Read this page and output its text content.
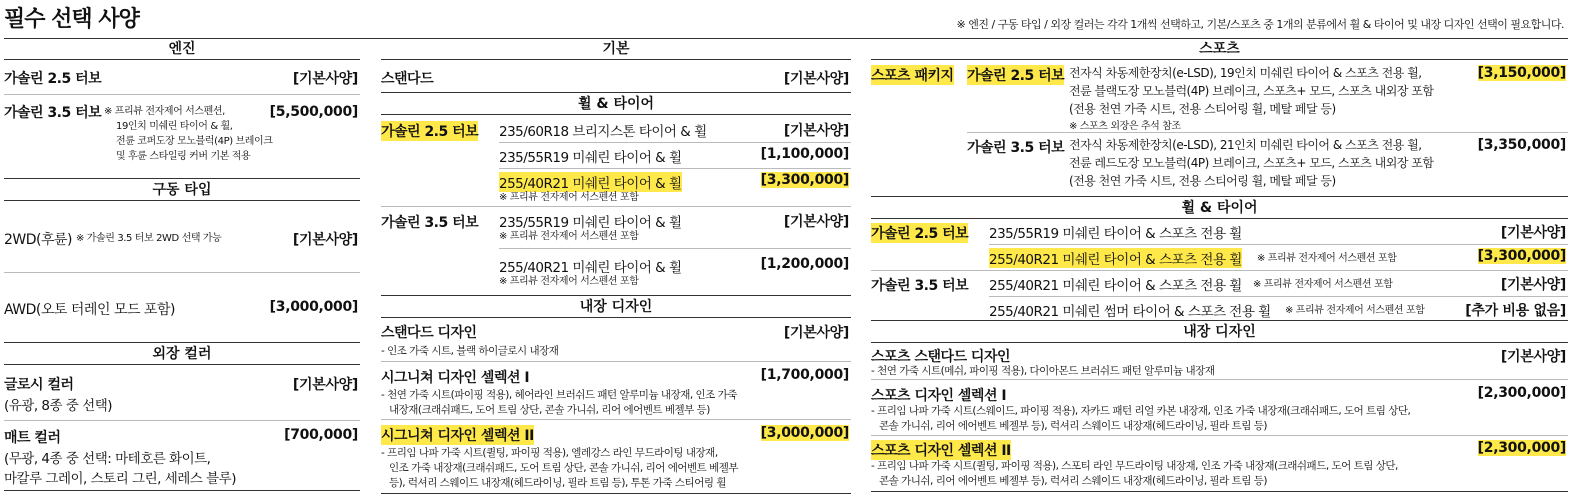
필수 선택 사양	※ 엔진 / 구동 타입 / 외장 컬러는 각각 1개씩 선택하고, 기본/스포츠 중 1개의 분류에서 휠 & 타이어 및 내장 디자인 선택이 필요합니다.
엔진
가솔린 2.5 터보	[기본사양]
가솔린 3.5 터보 ※ 프리뷰 전자제어 서스펜션,
19인치 미쉐린 타이어 & 휠,
전륜 코퍼도장 모노블럭(4P) 브레이크
및 후륜 스타일링 커버 기본 적용
[5,500,000]
구동 타입
2WD(후륜) ※ 가솔린 3.5 터보 2WD 선택 가능	[기본사양]
AWD(오토 터레인 모드 포함)	[3,000,000]
외장 컬러
글로시 컬러
(유광, 8종 중 선택)
[기본사양]
매트 컬러
(무광, 4종 중 선택: 마테호른 화이트,
마칼루 그레이, 스토리 그린, 세레스 블루)
[700,000]
기본
스탠다드	[기본사양]
휠 & 타이어
가솔린 2.5 터보 235/60R18 브리지스톤 타이어 & 휠	[기본사양]
235/55R19 미쉐린 타이어 & 휠	[1,100,000]
255/40R21 미쉐린 타이어 & 휠
※ 프리뷰 전자제어 서스펜션 포함
[3,300,000]
가솔린 3.5 터보 235/55R19 미쉐린 타이어 & 휠
※ 프리뷰 전자제어 서스펜션 포함
[기본사양]
255/40R21 미쉐린 타이어 & 휠
※ 프리뷰 전자제어 서스펜션 포함
[1,200,000]
내장 디자인
스탠다드 디자인
- 인조 가죽 시트, 블랙 하이글로시 내장재
[기본사양]
시그니쳐 디자인 셀렉션 I
- 천연 가죽 시트(파이핑 적용), 헤어라인 브러쉬드 패턴 알루미늄 내장재, 인조 가죽
내장재(크래쉬패드, 도어 트림 상단, 콘솔 가니쉬, 리어 에어벤트 베젤부 등)
[1,700,000]
시그니쳐 디자인 셀렉션 II
- 프리임 나파 가죽 시트(퀼팅, 파이핑 적용), 엘레강스 라인 무드라이팅 내장재,
인조 가죽 내장재(크래쉬패드, 도어 트림 상단, 콘솔 가니쉬, 리어 에어벤트 베젤부
등), 럭셔리 스웨이드 내장재(헤드라이닝, 필라 트림 등), 투톤 가죽 스티어링 휠
[3,000,000]
스포츠
스포츠 패키지 가솔린 2.5 터보 전자식 차동제한장치(e-LSD), 19인치 미쉐린 타이어 & 스포츠 전용 휠,
전륜 블랙도장 모노블럭(4P) 브레이크, 스포츠+ 모드, 스포츠 내외장 포함
(전용 천연 가죽 시트, 전용 스티어링 휠, 메탈 페달 등)
※ 스포츠 외장은 추석 참조
[3,150,000]
가솔린 3.5 터보 전자식 차동제한장치(e-LSD), 21인치 미쉐린 타이어 & 스포츠 전용 휠,
전륜 레드도장 모노블럭(4P) 브레이크, 스포츠+ 모드, 스포츠 내외장 포함
(전용 천연 가죽 시트, 전용 스티어링 휠, 메탈 페달 등)
[3,350,000]
휠 & 타이어
가솔린 2.5 터보 235/55R19 미쉐린 타이어 & 스포츠 전용 휠	[기본사양]
255/40R21 미쉐린 타이어 & 스포츠 전용 휠 ※ 프리뷰 전자제어 서스펜션 포함	[3,300,000]
가솔린 3.5 터보 255/40R21 미쉐린 타이어 & 스포츠 전용 휠 ※ 프리뷰 전자제어 서스펜션 포함	[기본사양]
255/40R21 미쉐린 썸머 타이어 & 스포츠 전용 휠 ※ 프리뷰 전자제어 서스펜션 포함	[추가 비용 없음]
내장 디자인
스포츠 스탠다드 디자인
- 천연 가죽 시트(메쉬, 파이핑 적용), 다이아몬드 브러쉬드 패턴 알루미늄 내장재
[기본사양]
스포츠 디자인 셀렉션 I
- 프리임 나파 가죽 시트(스웨이드, 파이핑 적용), 자카드 패턴 리얼 카본 내장재, 인조 가죽 내장재(크래쉬패드, 도어 트림 상단,
콘솔 가니쉬, 리어 에어벤트 베젤부 등), 럭셔리 스웨이드 내장재(헤드라이닝, 필라 트림 등)
[2,300,000]
스포츠 디자인 셀렉션 II
- 프리임 나파 가죽 시트(퀼팅, 파이핑 적용), 스포티 라인 무드라이팅 내장재, 인조 가죽 내장재(크래쉬패드, 도어 트림 상단,
콘솔 가니쉬, 리어 에어벤트 베젤부 등), 럭셔리 스웨이드 내장재(헤드라이닝, 필라 트림 등)
[2,300,000]
